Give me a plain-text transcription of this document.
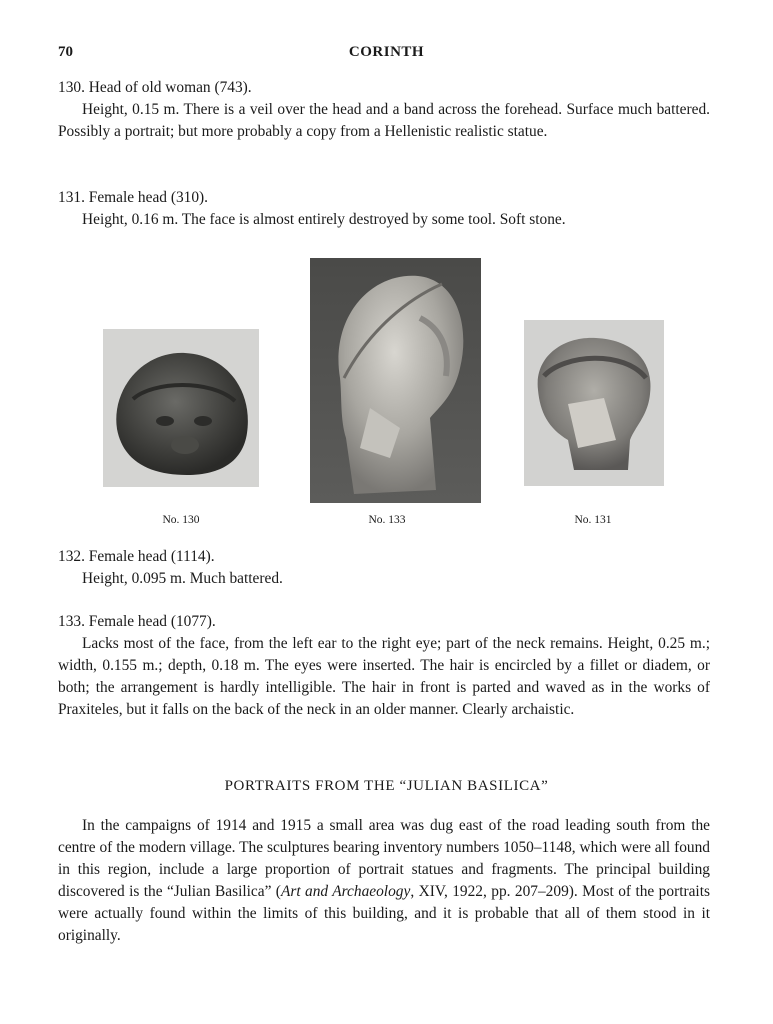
70	CORINTH
130. Head of old woman (743).
Height, 0.15 m. There is a veil over the head and a band across the forehead. Surface much battered. Possibly a portrait; but more probably a copy from a Hellenistic realistic statue.
131. Female head (310).
Height, 0.16 m. The face is almost entirely destroyed by some tool. Soft stone.
No. 130	No. 133	No. 131
132. Female head (1114).
Height, 0.095 m. Much battered.
133. Female head (1077).
Lacks most of the face, from the left ear to the right eye; part of the neck remains. Height, 0.25 m.; width, 0.155 m.; depth, 0.18 m. The eyes were inserted. The hair is encircled by a fillet or diadem, or both; the arrangement is hardly intelligible. The hair in front is parted and waved as in the works of Praxiteles, but it falls on the back of the neck in an older manner. Clearly archaistic.
PORTRAITS FROM THE “JULIAN BASILICA”
In the campaigns of 1914 and 1915 a small area was dug east of the road leading south from the centre of the modern village. The sculptures bearing inventory numbers 1050–1148, which were all found in this region, include a large proportion of portrait statues and fragments. The principal building discovered is the “Julian Basilica” (Art and Archaeology, XIV, 1922, pp. 207–209). Most of the portraits were actually found within the limits of this building, and it is probable that all of them stood in it originally.
